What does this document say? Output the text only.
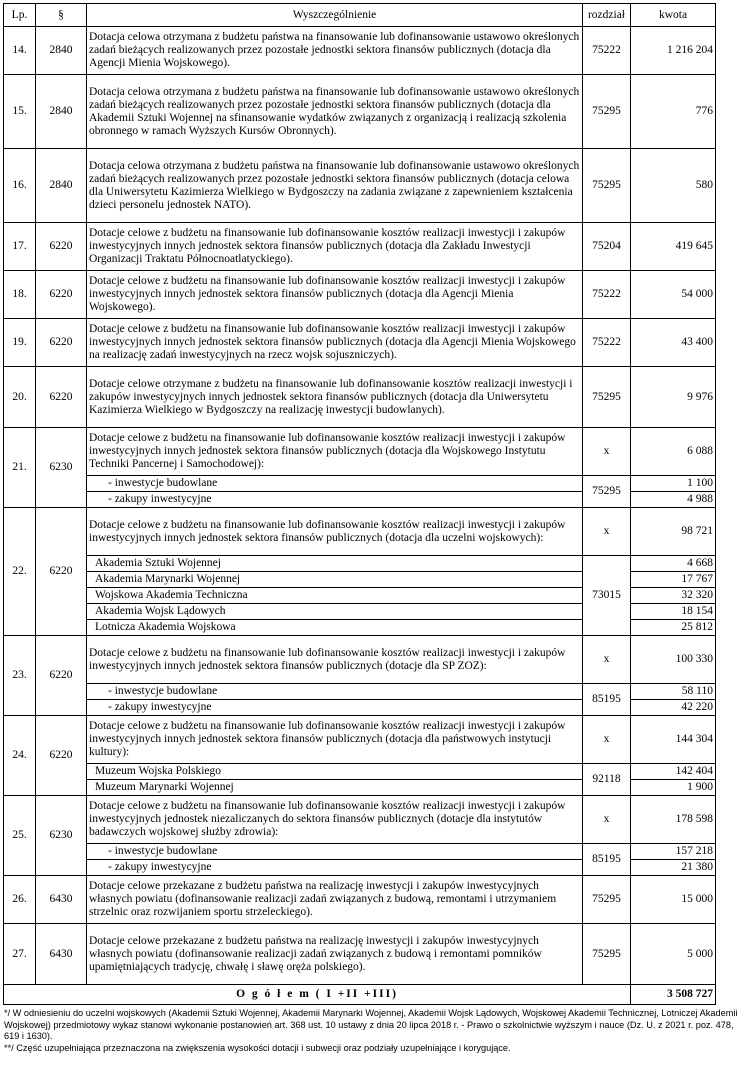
Lp.	§	Wyszczególnienie	rozdział	kwota
14.	2840	Dotacja celowa otrzymana z budżetu państwa na finansowanie lub dofinansowanie ustawowo określonych zadań bieżących realizowanych przez pozostałe jednostki sektora finansów publicznych (dotacja dla Agencji Mienia Wojskowego).	75222	1 216 204
15.	2840	Dotacja celowa otrzymana z budżetu państwa na finansowanie lub dofinansowanie ustawowo określonych zadań bieżących realizowanych przez pozostałe jednostki sektora finansów publicznych (dotacja dla Akademii Sztuki Wojennej na sfinansowanie wydatków związanych z organizacją i realizacją szkolenia obronnego w ramach Wyższych Kursów Obronnych).	75295	776
16.	2840	Dotacja celowa otrzymana z budżetu państwa na finansowanie lub dofinansowanie ustawowo określonych zadań bieżących realizowanych przez pozostałe jednostki sektora finansów publicznych (dotacja celowa dla Uniwersytetu Kazimierza Wielkiego w Bydgoszczy na zadania związane z zapewnieniem kształcenia dzieci personelu jednostek NATO).	75295	580
17.	6220	Dotacje celowe z budżetu na finansowanie lub dofinansowanie kosztów realizacji inwestycji i zakupów inwestycyjnych innych jednostek sektora finansów publicznych (dotacja dla Zakładu Inwestycji Organizacji Traktatu Północnoatlatyckiego).	75204	419 645
18.	6220	Dotacje celowe z budżetu na finansowanie lub dofinansowanie kosztów realizacji inwestycji i zakupów inwestycyjnych innych jednostek sektora finansów publicznych (dotacja dla Agencji Mienia Wojskowego).	75222	54 000
19.	6220	Dotacje celowe z budżetu na finansowanie lub dofinansowanie kosztów realizacji inwestycji i zakupów inwestycyjnych innych jednostek sektora finansów publicznych (dotacja dla Agencji Mienia Wojskowego na realizację zadań inwestycyjnych na rzecz wojsk sojuszniczych).	75222	43 400
20.	6220	Dotacje celowe otrzymane z budżetu na finansowanie lub dofinansowanie kosztów realizacji inwestycji i zakupów inwestycyjnych innych jednostek sektora finansów publicznych (dotacja dla Uniwersytetu Kazimierza Wielkiego w Bydgoszczy na realizację inwestycji budowlanych).	75295	9 976
21.	6230	Dotacje celowe z budżetu na finansowanie lub dofinansowanie kosztów realizacji inwestycji i zakupów inwestycyjnych innych jednostek sektora finansów publicznych (dotacja dla Wojskowego Instytutu Techniki Pancernej i Samochodowej):	x	6 088
		- inwestycje budowlane	75295	1 100
		- zakupy inwestycyjne		4 988
22.	6220	Dotacje celowe z budżetu na finansowanie lub dofinansowanie kosztów realizacji inwestycji i zakupów inwestycyjnych innych jednostek sektora finansów publicznych (dotacja dla uczelni wojskowych):	x	98 721
		Akademia Sztuki Wojennej	73015	4 668
		Akademia Marynarki Wojennej		17 767
		Wojskowa Akademia Techniczna		32 320
		Akademia Wojsk Lądowych		18 154
		Lotnicza Akademia Wojskowa		25 812
23.	6220	Dotacje celowe z budżetu na finansowanie lub dofinansowanie kosztów realizacji inwestycji i zakupów inwestycyjnych innych jednostek sektora finansów publicznych (dotacje dla SP ZOZ):	x	100 330
		- inwestycje budowlane	85195	58 110
		- zakupy inwestycyjne		42 220
24.	6220	Dotacje celowe z budżetu na finansowanie lub dofinansowanie kosztów realizacji inwestycji i zakupów inwestycyjnych innych jednostek sektora finansów publicznych (dotacja dla państwowych instytucji kultury):	x	144 304
		Muzeum Wojska Polskiego	92118	142 404
		Muzeum Marynarki Wojennej		1 900
25.	6230	Dotacje celowe z budżetu na finansowanie lub dofinansowanie kosztów realizacji inwestycji i zakupów inwestycyjnych jednostek niezaliczanych do sektora finansów publicznych (dotacje dla instytutów badawczych wojskowej służby zdrowia):	x	178 598
		- inwestycje budowlane	85195	157 218
		- zakupy inwestycyjne		21 380
26.	6430	Dotacje celowe przekazane z budżetu państwa na realizację inwestycji i zakupów inwestycyjnych własnych powiatu (dofinansowanie realizacji zadań związanych z budową, remontami i utrzymaniem strzelnic oraz rozwijaniem sportu strzeleckiego).	75295	15 000
27.	6430	Dotacje celowe przekazane z budżetu państwa na realizację inwestycji i zakupów inwestycyjnych własnych powiatu (dofinansowanie realizacji zadań związanych z budową i remontami pomników upamiętniających tradycję, chwałę i sławę oręża polskiego).	75295	5 000
O g ó ł e m ( I +II +III)				3 508 727

*/ W odniesieniu do uczelni wojskowych (Akademii Sztuki Wojennej, Akademii Marynarki Wojennej, Akademii Wojsk Lądowych, Wojskowej Akademii Technicznej, Lotniczej Akademii Wojskowej) przedmiotowy wykaz stanowi wykonanie postanowień art. 368 ust. 10 ustawy z dnia 20 lipca 2018 r. - Prawo o szkolnictwie wyższym i nauce (Dz. U. z 2021 r. poz. 478, 619 i 1630).

**/ Część uzupełniająca przeznaczona na zwiększenia wysokości dotacji i subwecji oraz podziały uzupełniające i korygujące.
